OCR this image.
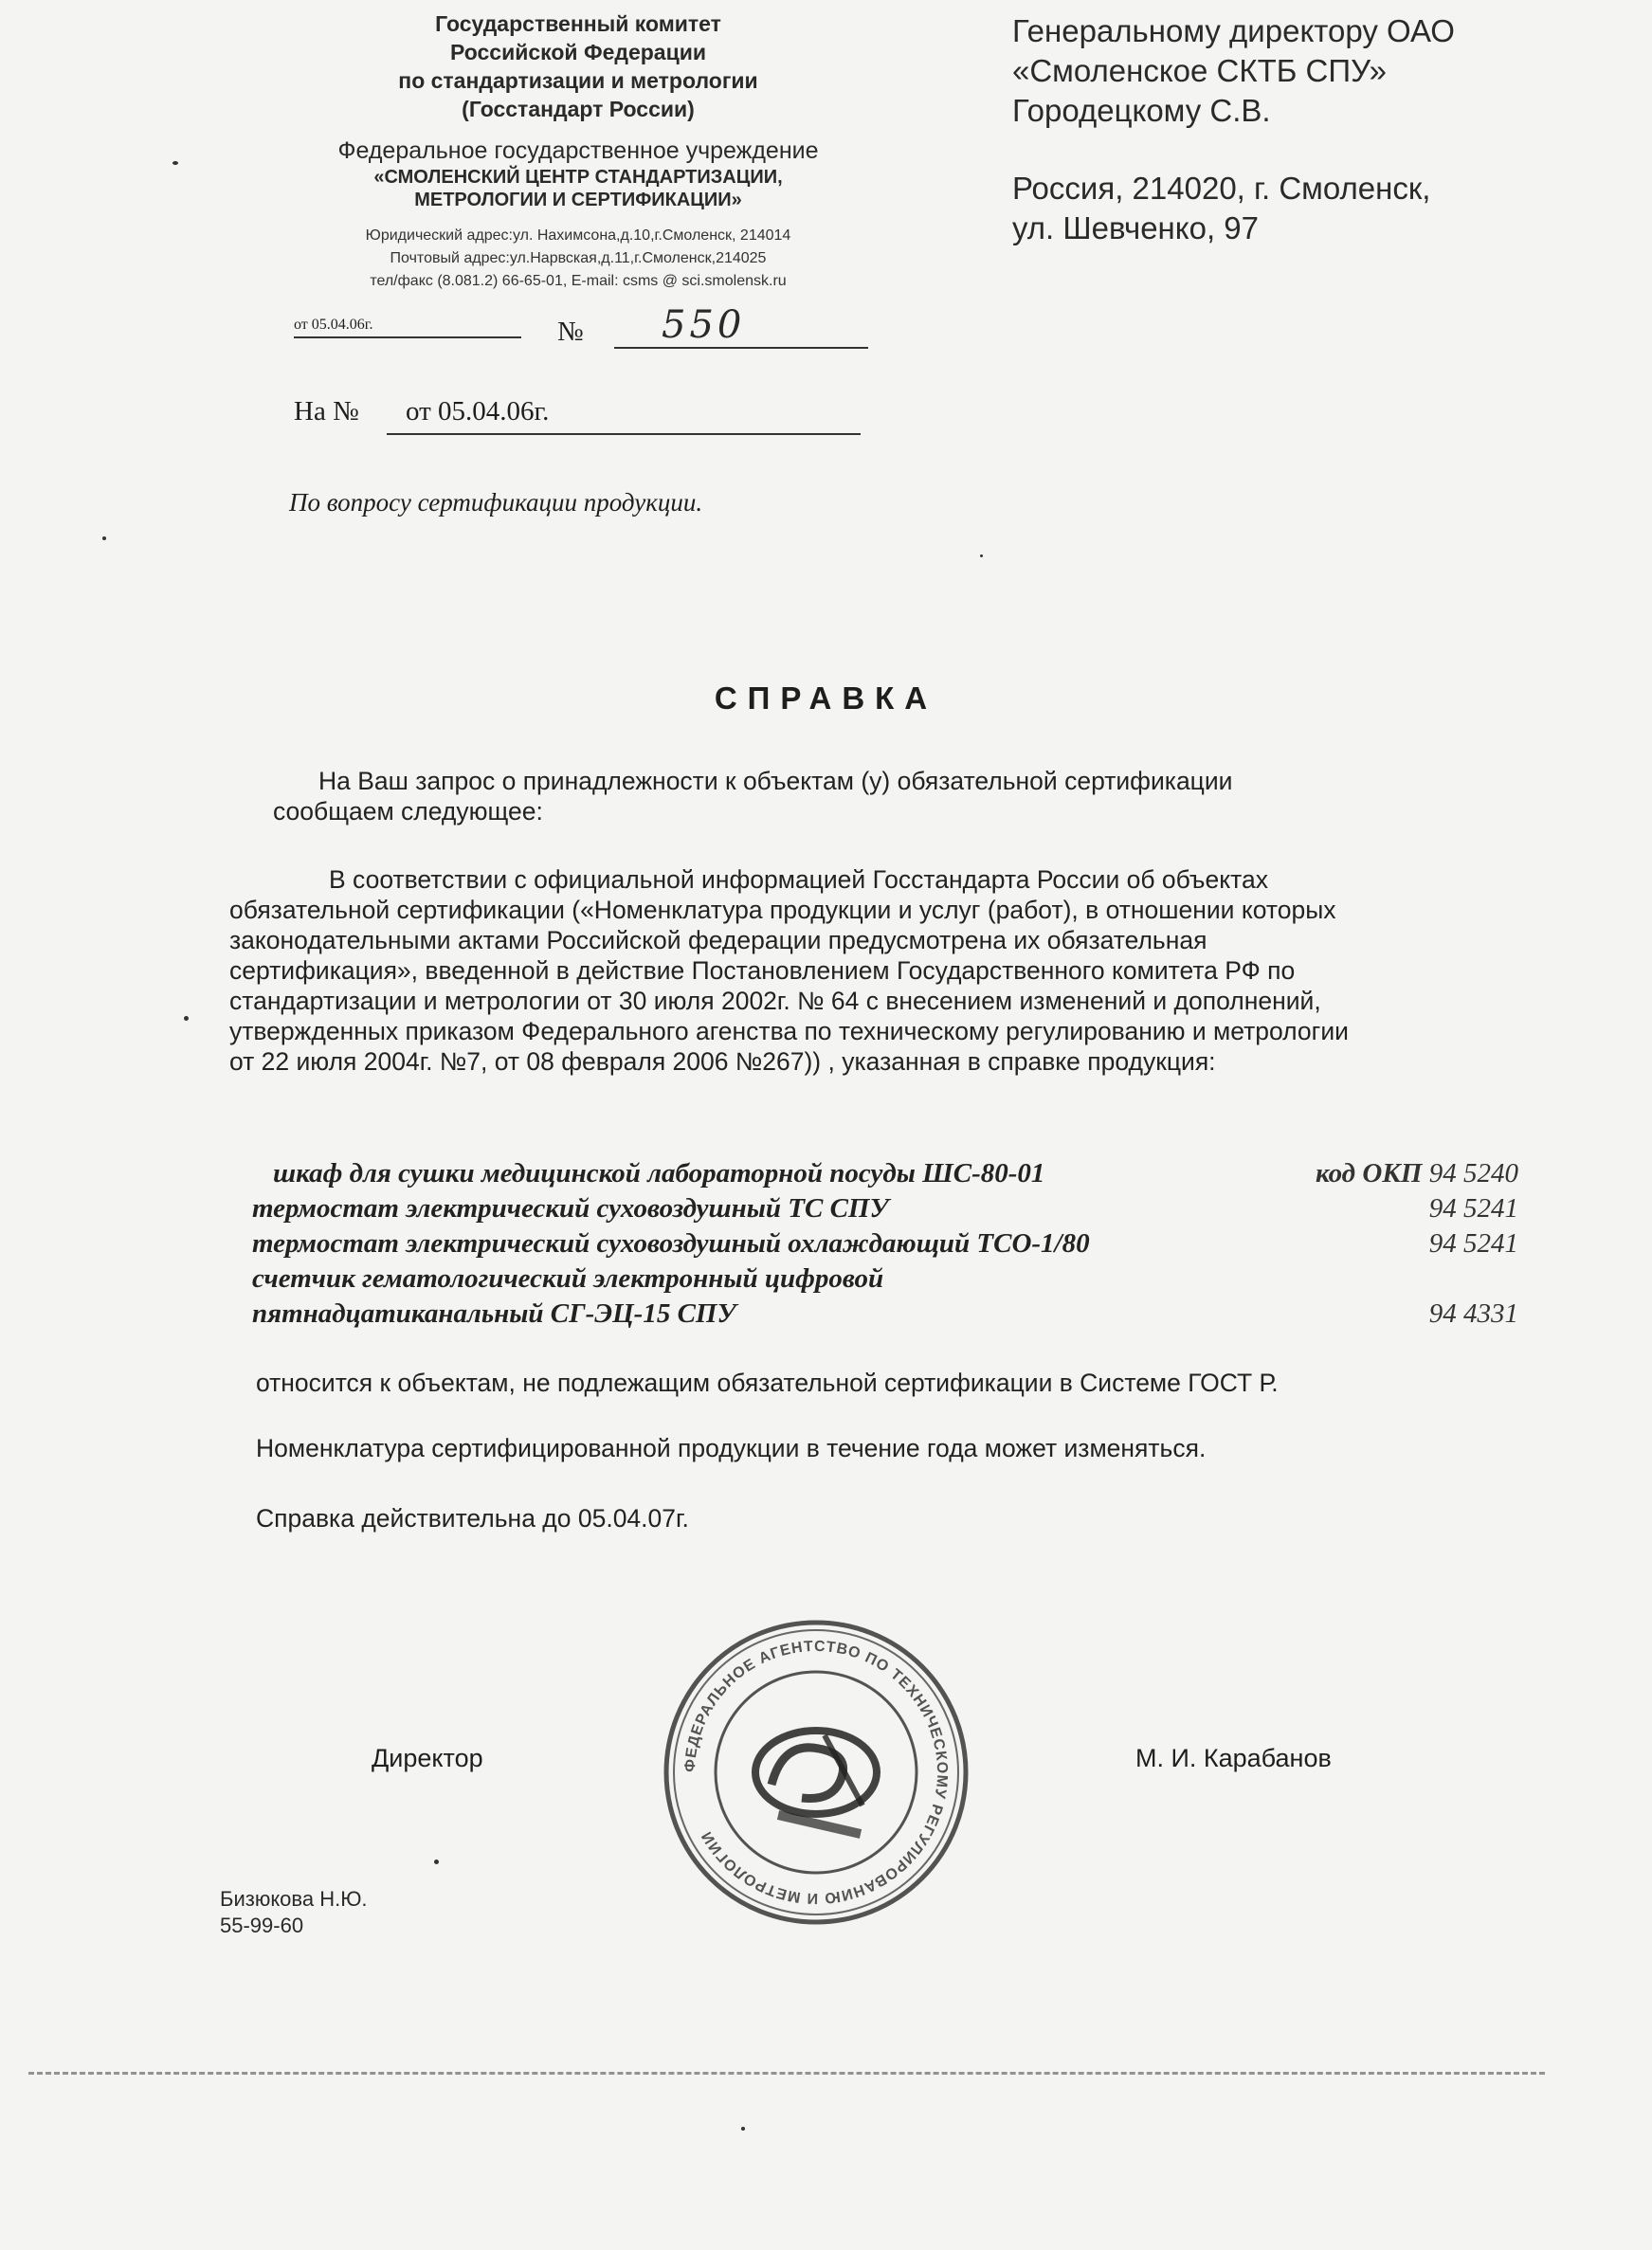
Государственный комитет
Российской Федерации
по стандартизации и метрологии
(Госстандарт России)
Федеральное государственное учреждение
«СМОЛЕНСКИЙ ЦЕНТР СТАНДАРТИЗАЦИИ,
МЕТРОЛОГИИ И СЕРТИФИКАЦИИ»
Юридический адрес:ул. Нахимсона,д.10,г.Смоленск, 214014
Почтовый адрес:ул.Нарвская,д.11,г.Смоленск,214025
тел/факс (8.081.2) 66-65-01, E-mail: csms @ sci.smolensk.ru
от 05.04.06г.	№ 550
На №	от 05.04.06г.
По вопросу сертификации продукции.
Генеральному директору ОАО
«Смоленское СКТБ СПУ»
Городецкому С.В.
Россия, 214020, г. Смоленск,
ул. Шевченко, 97
СПРАВКА
На Ваш запрос о принадлежности к объектам (у) обязательной сертификации
сообщаем следующее:
В соответствии с официальной информацией Госстандарта России об объектах
обязательной сертификации («Номенклатура продукции и услуг (работ), в отношении которых
законодательными актами Российской федерации предусмотрена их обязательная
сертификация», введенной в действие Постановлением Государственного комитета РФ по
стандартизации и метрологии от 30 июля 2002г. № 64 с внесением изменений и дополнений,
утвержденных приказом Федерального агенства по техническому регулированию и метрологии
от 22 июля 2004г. №7, от 08 февраля 2006 №267)) , указанная в справке продукция:
шкаф для сушки медицинской лабораторной посуды ШС-80-01	код ОКП 94 5240
термостат электрический суховоздушный ТС СПУ	94 5241
термостат электрический суховоздушный охлаждающий ТСО-1/80	94 5241
счетчик гематологический электронный цифровой
пятнадцатиканальный СГ-ЭЦ-15 СПУ	94 4331
относится к объектам, не подлежащим обязательной сертификации в Системе ГОСТ Р.
Номенклатура сертифицированной продукции в течение года может изменяться.
Справка действительна до 05.04.07г.
Директор	М. И. Карабанов
ФЕДЕРАЛЬНОЕ АГЕНТСТВО ПО ТЕХНИЧЕСКОМУ РЕГУЛИРОВАНИЮ И МЕТРОЛОГИИ
Бизюкова Н.Ю.
55-99-60
